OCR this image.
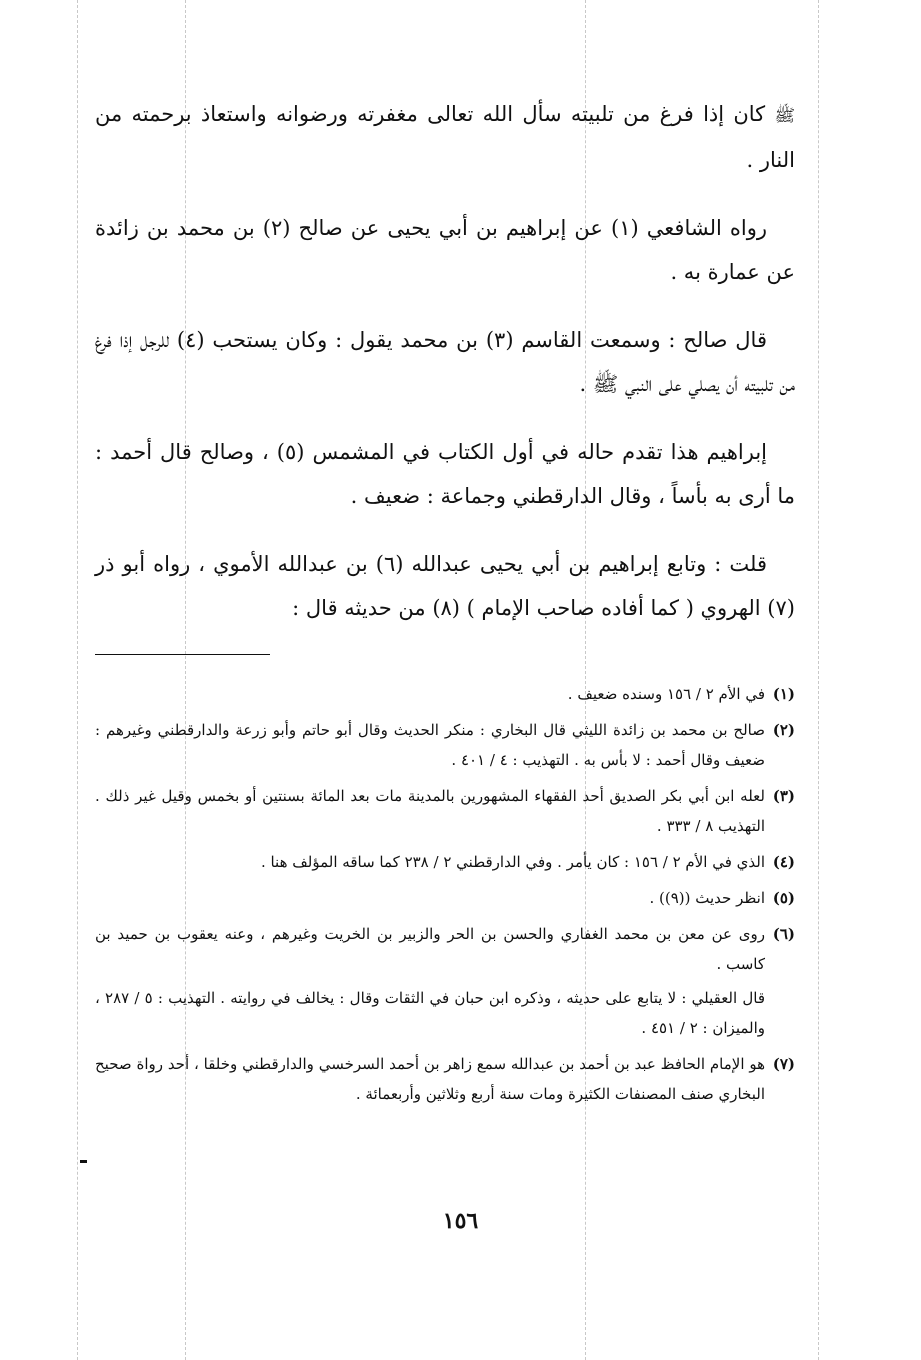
ﷺ كان إذا فرغ من تلبيته سأل الله تعالى مغفرته ورضوانه واستعاذ برحمته من النار .

رواه الشافعي (١) عن إبراهيم بن أبي يحيى عن صالح (٢) بن محمد بن زائدة عن عمارة به .

قال صالح : وسمعت القاسم (٣) بن محمد يقول : وكان يستحب (٤) للرجل إذا فرغ من تلبيته أن يصلي على النبي ﷺ .

إبراهيم هذا تقدم حاله في أول الكتاب في المشمس (٥) ، وصالح قال أحمد : ما أرى به بأساً ، وقال الدارقطني وجماعة : ضعيف .

قلت : وتابع إبراهيم بن أبي يحيى عبدالله (٦) بن عبدالله الأموي ، رواه أبو ذر (٧) الهروي ( كما أفاده صاحب الإمام ) (٨) من حديثه قال :

(١)
في الأم ٢ / ١٥٦ وسنده ضعيف .
(٢)
صالح بن محمد بن زائدة الليثي قال البخاري : منكر الحديث وقال أبو حاتم وأبو زرعة والدارقطني وغيرهم : ضعيف وقال أحمد : لا بأس به . التهذيب : ٤ / ٤٠١ .
(٣)
لعله ابن أبي بكر الصديق أحد الفقهاء المشهورين بالمدينة مات بعد المائة بسنتين أو بخمس وقيل غير ذلك . التهذيب ٨ / ٣٣٣ .
(٤)
الذي في الأم ٢ / ١٥٦ : كان يأمر . وفي الدارقطني ٢ / ٢٣٨ كما ساقه المؤلف هنا .
(٥)
انظر حديث ((٩)) .
(٦)
روى عن معن بن محمد الغفاري والحسن بن الحر والزبير بن الخريت وغيرهم ، وعنه يعقوب بن حميد بن كاسب .
قال العقيلي : لا يتابع على حديثه ، وذكره ابن حبان في الثقات وقال : يخالف في روايته . التهذيب : ٥ / ٢٨٧ ، والميزان : ٢ / ٤٥١ .
(٧)
هو الإمام الحافظ عبد بن أحمد بن عبدالله سمع زاهر بن أحمد السرخسي والدارقطني وخلقا ، أحد رواة صحيح البخاري صنف المصنفات الكثيرة ومات سنة أربع وثلاثين وأربعمائة .
١٥٦
